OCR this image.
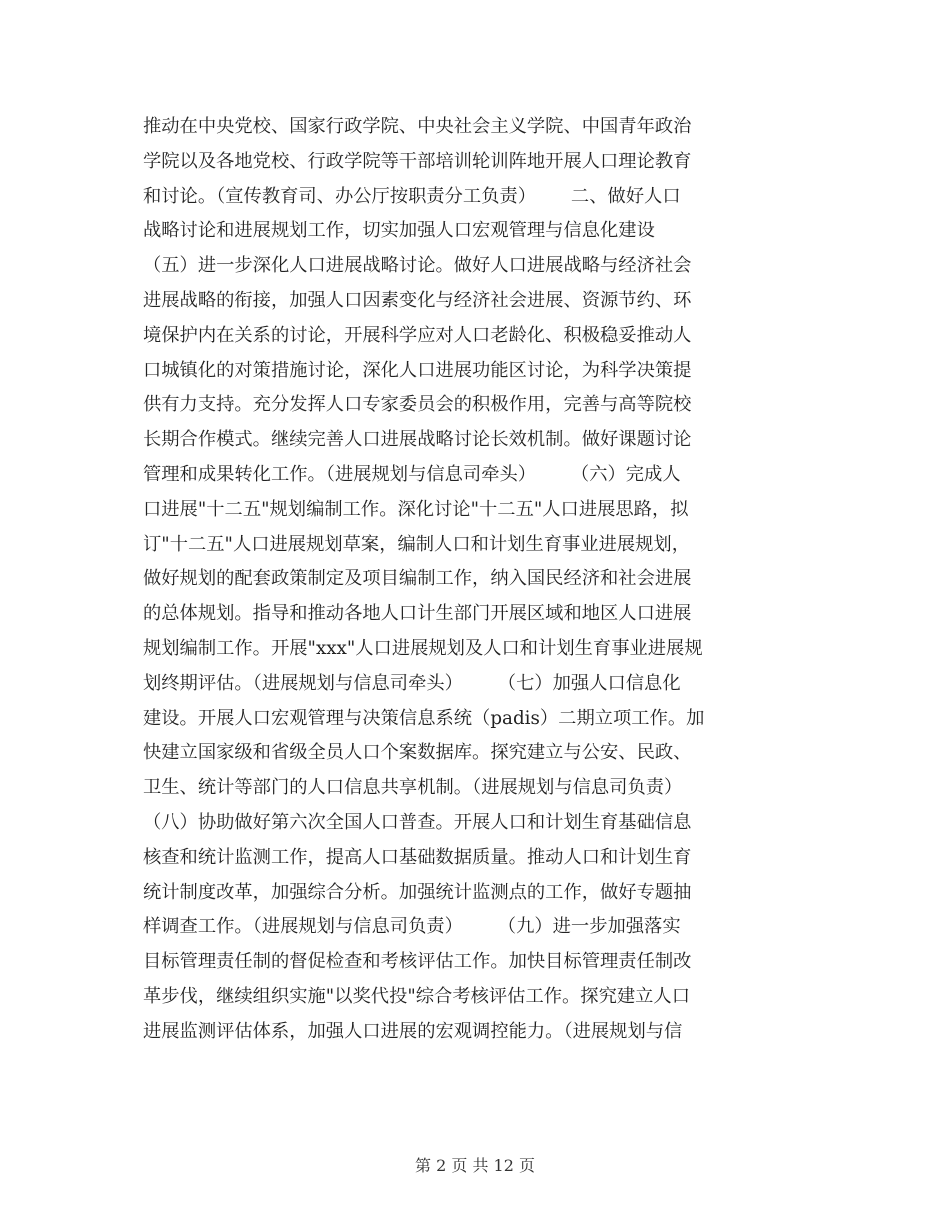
推动在中央党校、国家行政学院、中央社会主义学院、中国青年政治
学院以及各地党校、行政学院等干部培训轮训阵地开展人口理论教育
和讨论。（宣传教育司、办公厅按职责分工负责）      二、做好人口
战略讨论和进展规划工作，切实加强人口宏观管理与信息化建设
（五）进一步深化人口进展战略讨论。做好人口进展战略与经济社会
进展战略的衔接，加强人口因素变化与经济社会进展、资源节约、环
境保护内在关系的讨论，开展科学应对人口老龄化、积极稳妥推动人
口城镇化的对策措施讨论，深化人口进展功能区讨论，为科学决策提
供有力支持。充分发挥人口专家委员会的积极作用，完善与高等院校
长期合作模式。继续完善人口进展战略讨论长效机制。做好课题讨论
管理和成果转化工作。（进展规划与信息司牵头）      （六）完成人
口进展"十二五"规划编制工作。深化讨论"十二五"人口进展思路，拟
订"十二五"人口进展规划草案，编制人口和计划生育事业进展规划，
做好规划的配套政策制定及项目编制工作，纳入国民经济和社会进展
的总体规划。指导和推动各地人口计生部门开展区域和地区人口进展
规划编制工作。开展"xxx"人口进展规划及人口和计划生育事业进展规
划终期评估。（进展规划与信息司牵头）      （七）加强人口信息化
建设。开展人口宏观管理与决策信息系统（padis）二期立项工作。加
快建立国家级和省级全员人口个案数据库。探究建立与公安、民政、
卫生、统计等部门的人口信息共享机制。（进展规划与信息司负责）
（八）协助做好第六次全国人口普查。开展人口和计划生育基础信息
核查和统计监测工作，提高人口基础数据质量。推动人口和计划生育
统计制度改革，加强综合分析。加强统计监测点的工作，做好专题抽
样调查工作。（进展规划与信息司负责）      （九）进一步加强落实
目标管理责任制的督促检查和考核评估工作。加快目标管理责任制改
革步伐，继续组织实施"以奖代投"综合考核评估工作。探究建立人口
进展监测评估体系，加强人口进展的宏观调控能力。（进展规划与信
第 2 页 共 12 页
